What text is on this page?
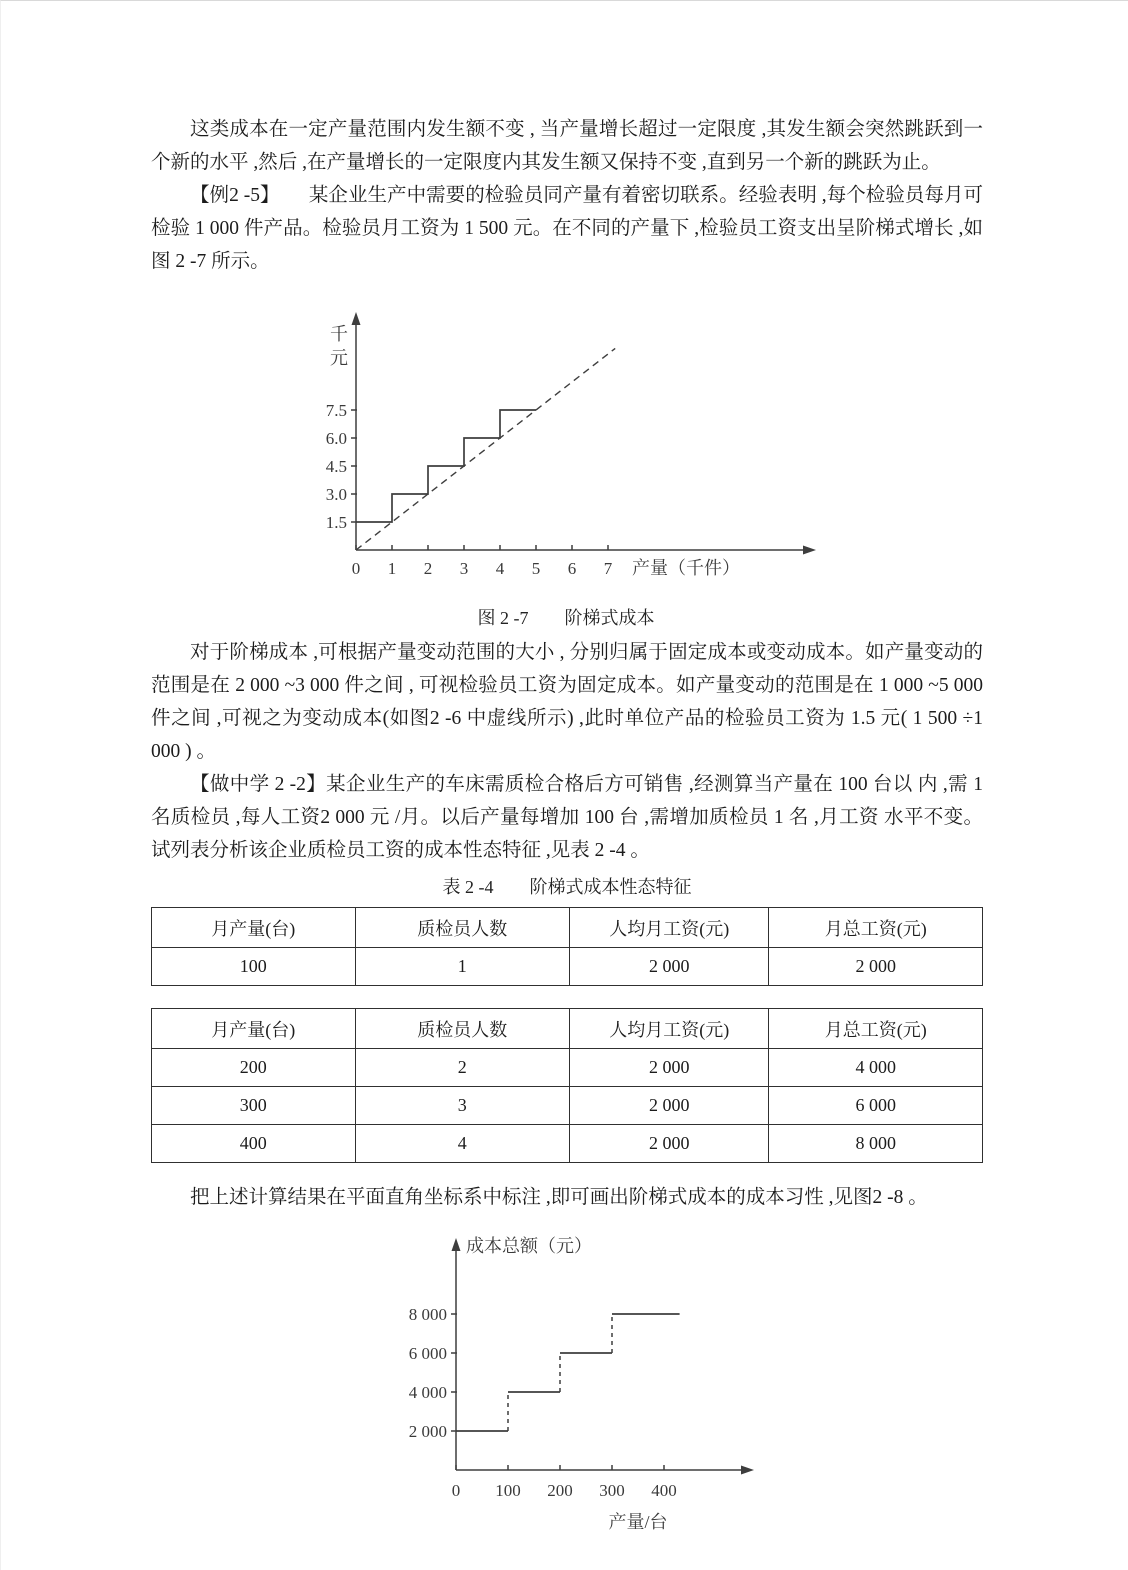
这类成本在一定产量范围内发生额不变 , 当产量增长超过一定限度 ,其发生额会突然跳跃到一个新的水平 ,然后 ,在产量增长的一定限度内其发生额又保持不变 ,直到另一个新的跳跃为止。

【例2 -5】　　某企业生产中需要的检验员同产量有着密切联系。经验表明 ,每个检验员每月可检验 1 000 件产品。检验员月工资为 1 500 元。在不同的产量下 ,检验员工资支出呈阶梯式增长 ,如图 2 -7 所示。

千
元
7.5
6.0
4.5
3.0
1.5
0 1 2 3 4 5 6 7 产量（千件）
图 2 -7　　阶梯式成本

对于阶梯成本 ,可根据产量变动范围的大小 , 分别归属于固定成本或变动成本。如产量变动的范围是在 2 000 ~3 000 件之间 , 可视检验员工资为固定成本。如产量变动的范围是在 1 000 ~5 000 件之间 ,可视之为变动成本(如图2 -6 中虚线所示) ,此时单位产品的检验员工资为 1.5 元( 1 500 ÷1 000 ) 。

【做中学 2 -2】某企业生产的车床需质检合格后方可销售 ,经测算当产量在 100 台以 内 ,需 1 名质检员 ,每人工资2 000 元 /月。以后产量每增加 100 台 ,需增加质检员 1 名 ,月工资 水平不变。试列表分析该企业质检员工资的成本性态特征 ,见表 2 -4 。

表 2 -4　　阶梯式成本性态特征
月产量(台)	质检员人数	人均月工资(元)	月总工资(元)
100	1	2 000	2 000
月产量(台)	质检员人数	人均月工资(元)	月总工资(元)
200	2	2 000	4 000
300	3	2 000	6 000
400	4	2 000	8 000

把上述计算结果在平面直角坐标系中标注 ,即可画出阶梯式成本的成本习性 ,见图2 -8 。

成本总额（元）
8 000
6 000
4 000
2 000
0 100 200 300 400
产量/台
